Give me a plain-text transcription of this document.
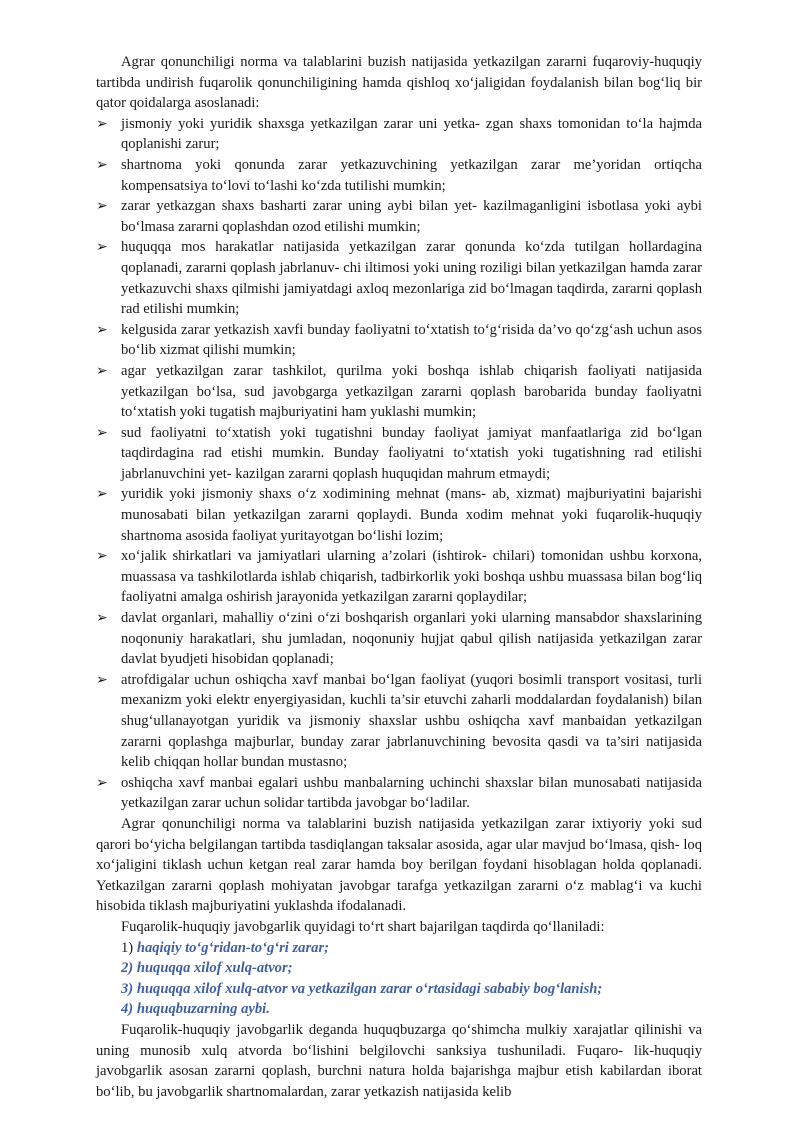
Agrar qonunchiligi norma va talablarini buzish natijasida yetkazilgan zararni fuqaroviy-huquqiy tartibda undirish fuqarolik qonunchiligining hamda qishloq xo‘jaligidan foydalanish bilan bog‘liq bir qator qoidalarga asoslanadi:

➢ jismoniy yoki yuridik shaxsga yetkazilgan zarar uni yetka- zgan shaxs tomonidan to‘la hajmda qoplanishi zarur;
➢ shartnoma yoki qonunda zarar yetkazuvchining yetkazilgan zarar me’yoridan ortiqcha kompensatsiya to‘lovi to‘lashi ko‘zda tutilishi mumkin;
➢ zarar yetkazgan shaxs basharti zarar uning aybi bilan yet- kazilmaganligini isbotlasa yoki aybi bo‘lmasa zararni qoplashdan ozod etilishi mumkin;
➢ huquqqa mos harakatlar natijasida yetkazilgan zarar qonunda ko‘zda tutilgan hollardagina qoplanadi, zararni qoplash jabrlanuv- chi iltimosi yoki uning roziligi bilan yetkazilgan hamda zarar yetkazuvchi shaxs qilmishi jamiyatdagi axloq mezonlariga zid bo‘lmagan taqdirda, zararni qoplash rad etilishi mumkin;
➢ kelgusida zarar yetkazish xavfi bunday faoliyatni to‘xtatish to‘g‘risida da’vo qo‘zg‘ash uchun asos bo‘lib xizmat qilishi mumkin;
➢ agar yetkazilgan zarar tashkilot, qurilma yoki boshqa ishlab chiqarish faoliyati natijasida yetkazilgan bo‘lsa, sud javobgarga yetkazilgan zararni qoplash barobarida bunday faoliyatni to‘xtatish yoki tugatish majburiyatini ham yuklashi mumkin;
➢ sud faoliyatni to‘xtatish yoki tugatishni bunday faoliyat jamiyat manfaatlariga zid bo‘lgan taqdirdagina rad etishi mumkin. Bunday faoliyatni to‘xtatish yoki tugatishning rad etilishi jabrlanuvchini yet- kazilgan zararni qoplash huquqidan mahrum etmaydi;
➢ yuridik yoki jismoniy shaxs o‘z xodimining mehnat (mans- ab, xizmat) majburiyatini bajarishi munosabati bilan yetkazilgan zararni qoplaydi. Bunda xodim mehnat yoki fuqarolik-huquqiy shartnoma asosida faoliyat yuritayotgan bo‘lishi lozim;
➢ xo‘jalik shirkatlari va jamiyatlari ularning a’zolari (ishtirok- chilari) tomonidan ushbu korxona, muassasa va tashkilotlarda ishlab chiqarish, tadbirkorlik yoki boshqa ushbu muassasa bilan bog‘liq faoliyatni amalga oshirish jarayonida yetkazilgan zararni qoplaydilar;
➢ davlat organlari, mahalliy o‘zini o‘zi boshqarish organlari yoki ularning mansabdor shaxslarining noqonuniy harakatlari, shu jumladan, noqonuniy hujjat qabul qilish natijasida yetkazilgan zarar davlat byudjeti hisobidan qoplanadi;
➢ atrofdigalar uchun oshiqcha xavf manbai bo‘lgan faoliyat (yuqori bosimli transport vositasi, turli mexanizm yoki elektr enyergiyasidan, kuchli ta’sir etuvchi zaharli moddalardan foydalanish) bilan shug‘ullanayotgan yuridik va jismoniy shaxslar ushbu oshiqcha xavf manbaidan yetkazilgan zararni qoplashga majburlar, bunday zarar jabrlanuvchining bevosita qasdi va ta’siri natijasida kelib chiqqan hollar bundan mustasno;
➢ oshiqcha xavf manbai egalari ushbu manbalarning uchinchi shaxslar bilan munosabati natijasida yetkazilgan zarar uchun solidar tartibda javobgar bo‘ladilar.

Agrar qonunchiligi norma va talablarini buzish natijasida yetkazilgan zarar ixtiyoriy yoki sud qarori bo‘yicha belgilangan tartibda tasdiqlangan taksalar asosida, agar ular mavjud bo‘lmasa, qish- loq xo‘jaligini tiklash uchun ketgan real zarar hamda boy berilgan foydani hisoblagan holda qoplanadi. Yetkazilgan zararni qoplash mohiyatan javobgar tarafga yetkazilgan zararni o‘z mablag‘i va kuchi hisobida tiklash majburiyatini yuklashda ifodalanadi.

Fuqarolik-huquqiy javobgarlik quyidagi to‘rt shart bajarilgan taqdirda qo‘llaniladi:

1) haqiqiy to‘g‘ridan-to‘g‘ri zarar;

2) huquqqa xilof xulq-atvor;

3) huquqqa xilof xulq-atvor va yetkazilgan zarar o‘rtasidagi sababiy bog‘lanish;

4) huquqbuzarning aybi.

Fuqarolik-huquqiy javobgarlik deganda huquqbuzarga qo‘shimcha mulkiy xarajatlar qilinishi va uning munosib xulq atvorda bo‘lishini belgilovchi sanksiya tushuniladi. Fuqaro- lik-huquqiy javobgarlik asosan zararni qoplash, burchni natura holda bajarishga majbur etish kabilardan iborat bo‘lib, bu javobgarlik shartnomalardan, zarar yetkazish natijasida kelib
